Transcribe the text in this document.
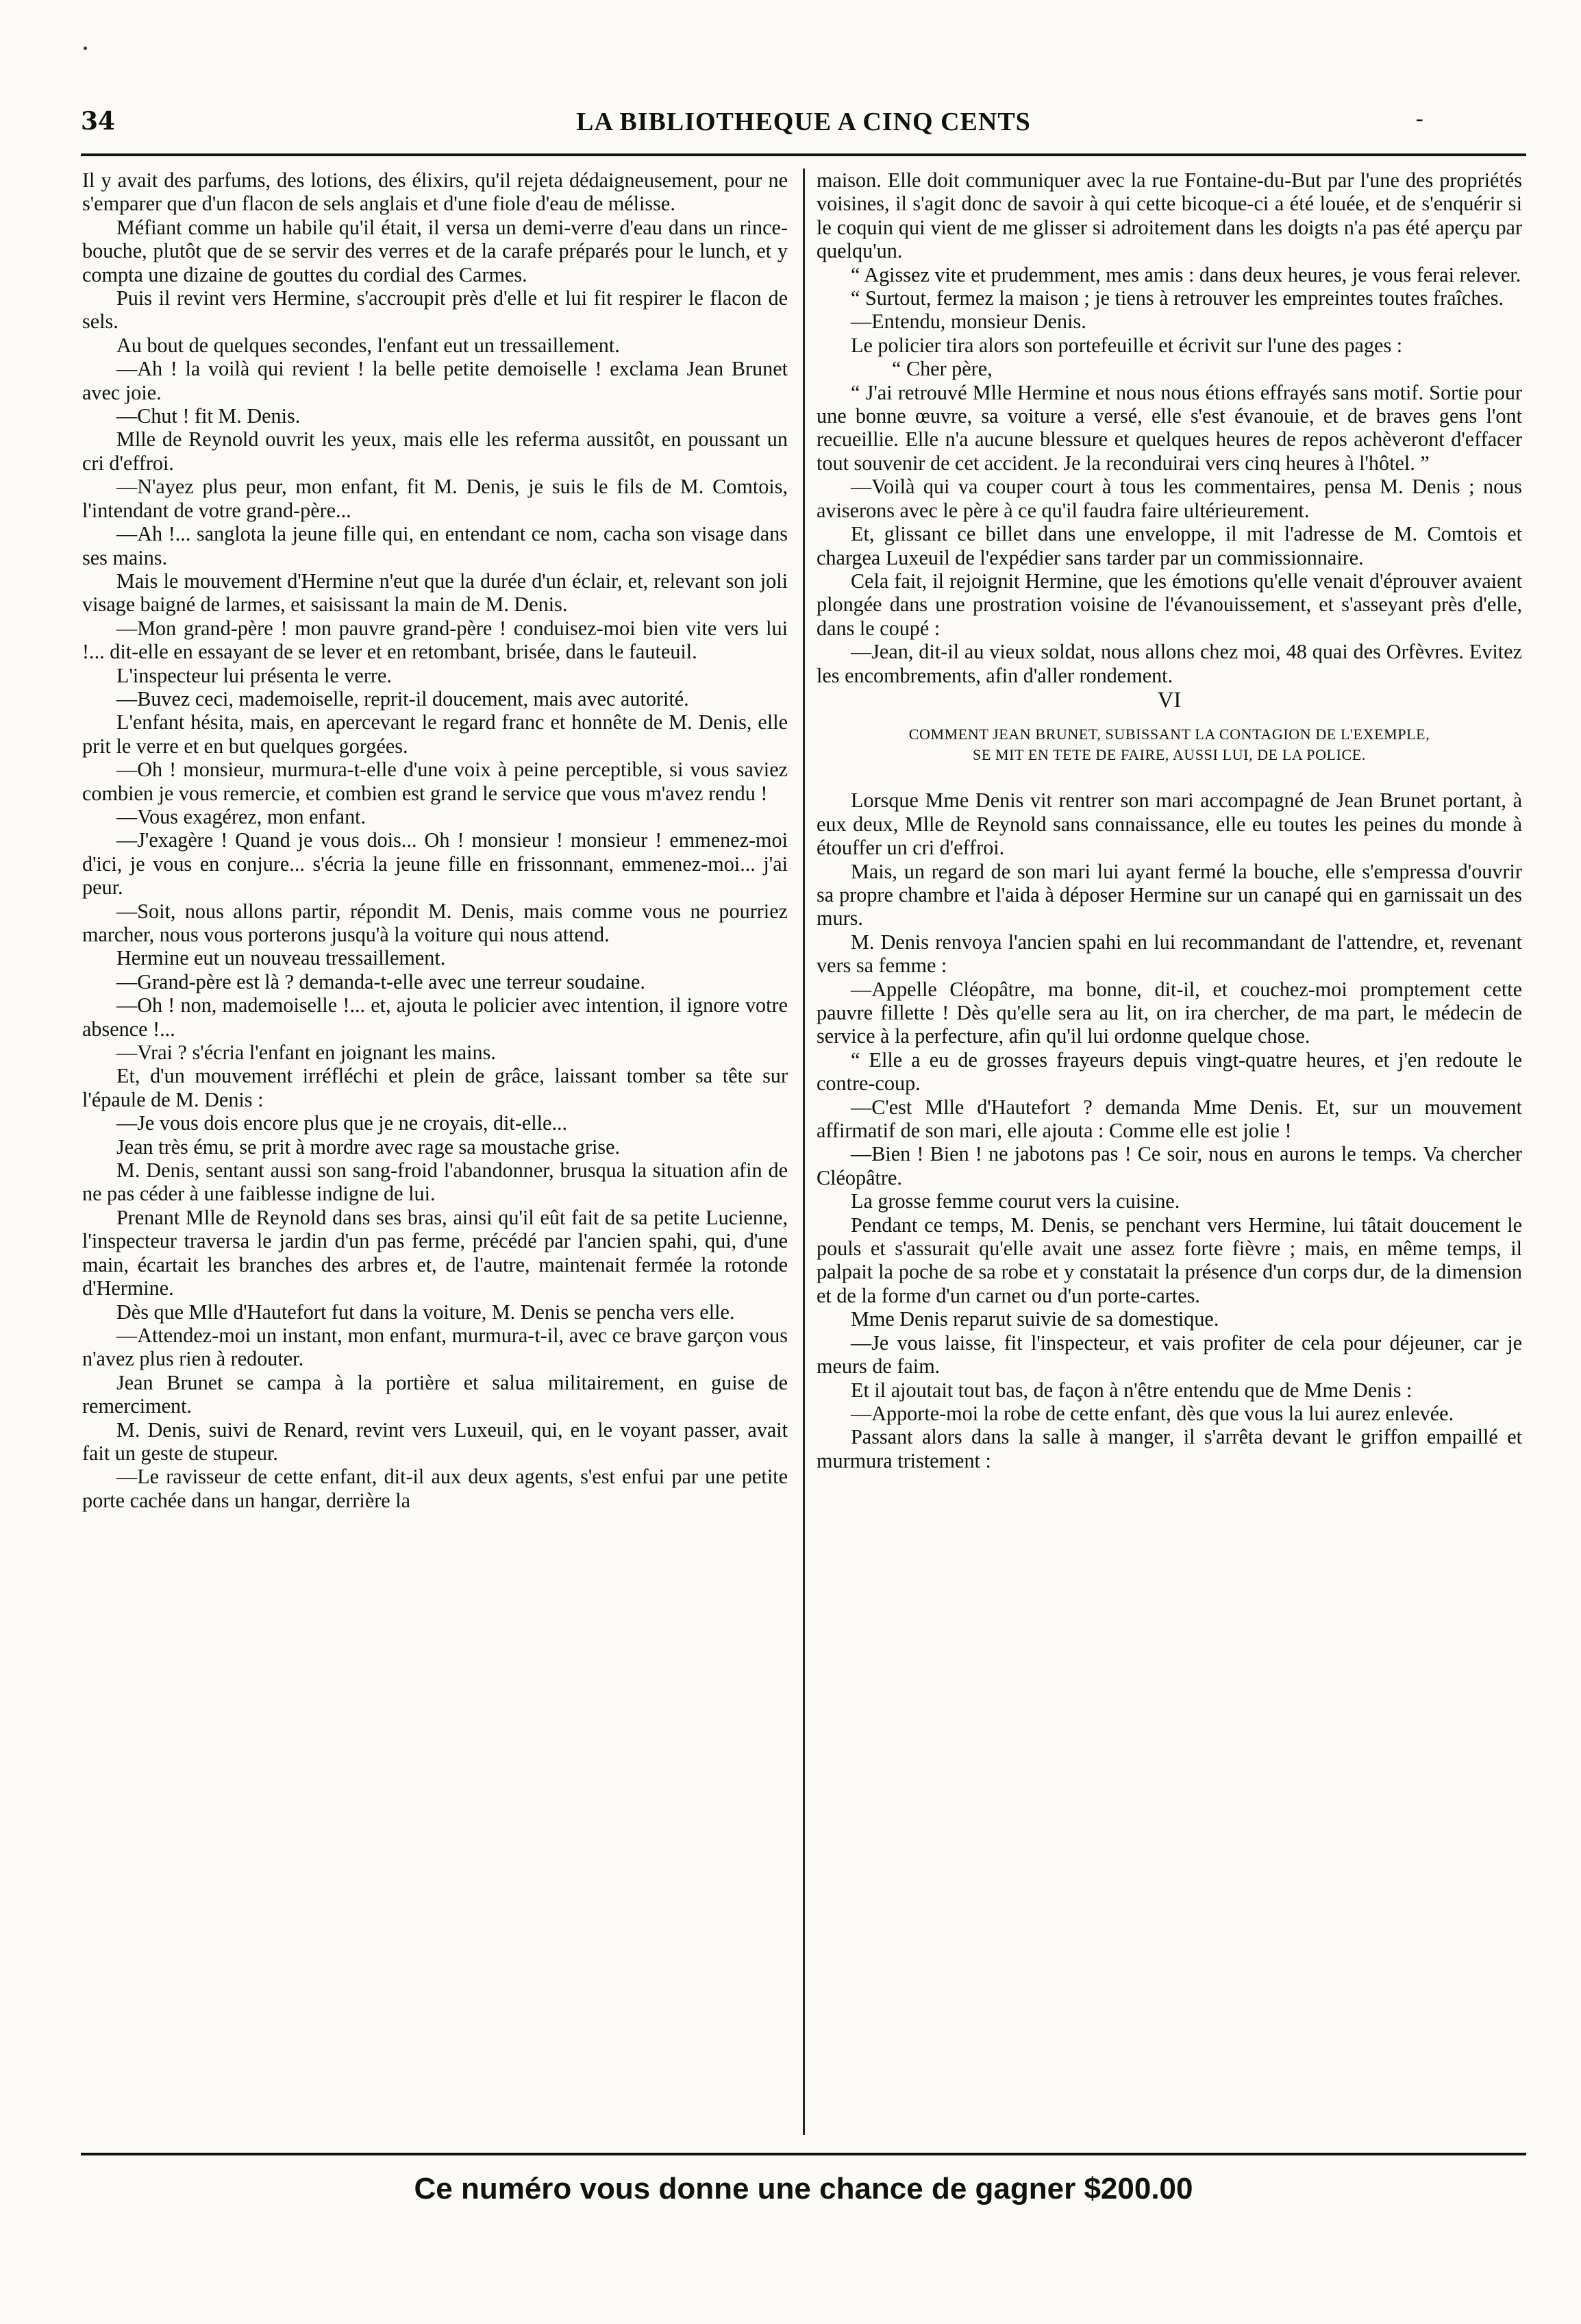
34	LA BIBLIOTHEQUE A CINQ CENTS	-

Il y avait des parfums, des lotions, des élixirs, qu'il rejeta dédaigneusement, pour ne s'emparer que d'un flacon de sels anglais et d'une fiole d'eau de mélisse.

Méfiant comme un habile qu'il était, il versa un demi-verre d'eau dans un rince-bouche, plutôt que de se servir des verres et de la carafe préparés pour le lunch, et y compta une dizaine de gouttes du cordial des Carmes.

Puis il revint vers Hermine, s'accroupit près d'elle et lui fit respirer le flacon de sels.

Au bout de quelques secondes, l'enfant eut un tressaillement.

—Ah ! la voilà qui revient ! la belle petite demoiselle ! exclama Jean Brunet avec joie.

—Chut ! fit M. Denis.

Mlle de Reynold ouvrit les yeux, mais elle les referma aussitôt, en poussant un cri d'effroi.

—N'ayez plus peur, mon enfant, fit M. Denis, je suis le fils de M. Comtois, l'intendant de votre grand-père...

—Ah !... sanglota la jeune fille qui, en entendant ce nom, cacha son visage dans ses mains.

Mais le mouvement d'Hermine n'eut que la durée d'un éclair, et, relevant son joli visage baigné de larmes, et saisissant la main de M. Denis.

—Mon grand-père ! mon pauvre grand-père ! conduisez-moi bien vite vers lui !... dit-elle en essayant de se lever et en retombant, brisée, dans le fauteuil.

L'inspecteur lui présenta le verre.

—Buvez ceci, mademoiselle, reprit-il doucement, mais avec autorité.

L'enfant hésita, mais, en apercevant le regard franc et honnête de M. Denis, elle prit le verre et en but quelques gorgées.

—Oh ! monsieur, murmura-t-elle d'une voix à peine perceptible, si vous saviez combien je vous remercie, et combien est grand le service que vous m'avez rendu !

—Vous exagérez, mon enfant.

—J'exagère ! Quand je vous dois... Oh ! monsieur ! monsieur ! emmenez-moi d'ici, je vous en conjure... s'écria la jeune fille en frissonnant, emmenez-moi... j'ai peur.

—Soit, nous allons partir, répondit M. Denis, mais comme vous ne pourriez marcher, nous vous porterons jusqu'à la voiture qui nous attend.

Hermine eut un nouveau tressaillement.

—Grand-père est là ? demanda-t-elle avec une terreur soudaine.

—Oh ! non, mademoiselle !... et, ajouta le policier avec intention, il ignore votre absence !...

—Vrai ? s'écria l'enfant en joignant les mains.

Et, d'un mouvement irréfléchi et plein de grâce, laissant tomber sa tête sur l'épaule de M. Denis :

—Je vous dois encore plus que je ne croyais, dit-elle...

Jean très ému, se prit à mordre avec rage sa moustache grise.

M. Denis, sentant aussi son sang-froid l'abandonner, brusqua la situation afin de ne pas céder à une faiblesse indigne de lui.

Prenant Mlle de Reynold dans ses bras, ainsi qu'il eût fait de sa petite Lucienne, l'inspecteur traversa le jardin d'un pas ferme, précédé par l'ancien spahi, qui, d'une main, écartait les branches des arbres et, de l'autre, maintenait fermée la rotonde d'Hermine.

Dès que Mlle d'Hautefort fut dans la voiture, M. Denis se pencha vers elle.

—Attendez-moi un instant, mon enfant, murmura-t-il, avec ce brave garçon vous n'avez plus rien à redouter.

Jean Brunet se campa à la portière et salua militairement, en guise de remerciment.

M. Denis, suivi de Renard, revint vers Luxeuil, qui, en le voyant passer, avait fait un geste de stupeur.

—Le ravisseur de cette enfant, dit-il aux deux agents, s'est enfui par une petite porte cachée dans un hangar, derrière la

maison. Elle doit communiquer avec la rue Fontaine-du-But par l'une des propriétés voisines, il s'agit donc de savoir à qui cette bicoque-ci a été louée, et de s'enquérir si le coquin qui vient de me glisser si adroitement dans les doigts n'a pas été aperçu par quelqu'un.

“ Agissez vite et prudemment, mes amis : dans deux heures, je vous ferai relever.

“ Surtout, fermez la maison ; je tiens à retrouver les empreintes toutes fraîches.

—Entendu, monsieur Denis.

Le policier tira alors son portefeuille et écrivit sur l'une des pages :

“ Cher père,

“ J'ai retrouvé Mlle Hermine et nous nous étions effrayés sans motif. Sortie pour une bonne œuvre, sa voiture a versé, elle s'est évanouie, et de braves gens l'ont recueillie. Elle n'a aucune blessure et quelques heures de repos achèveront d'effacer tout souvenir de cet accident. Je la reconduirai vers cinq heures à l'hôtel. ”

—Voilà qui va couper court à tous les commentaires, pensa M. Denis ; nous aviserons avec le père à ce qu'il faudra faire ultérieurement.

Et, glissant ce billet dans une enveloppe, il mit l'adresse de M. Comtois et chargea Luxeuil de l'expédier sans tarder par un commissionnaire.

Cela fait, il rejoignit Hermine, que les émotions qu'elle venait d'éprouver avaient plongée dans une prostration voisine de l'évanouissement, et s'asseyant près d'elle, dans le coupé :

—Jean, dit-il au vieux soldat, nous allons chez moi, 48 quai des Orfèvres. Evitez les encombrements, afin d'aller rondement.

VI

COMMENT JEAN BRUNET, SUBISSANT LA CONTAGION DE L'EXEMPLE,
SE MIT EN TETE DE FAIRE, AUSSI LUI, DE LA POLICE.

Lorsque Mme Denis vit rentrer son mari accompagné de Jean Brunet portant, à eux deux, Mlle de Reynold sans connaissance, elle eu toutes les peines du monde à étouffer un cri d'effroi.

Mais, un regard de son mari lui ayant fermé la bouche, elle s'empressa d'ouvrir sa propre chambre et l'aida à déposer Hermine sur un canapé qui en garnissait un des murs.

M. Denis renvoya l'ancien spahi en lui recommandant de l'attendre, et, revenant vers sa femme :

—Appelle Cléopâtre, ma bonne, dit-il, et couchez-moi promptement cette pauvre fillette ! Dès qu'elle sera au lit, on ira chercher, de ma part, le médecin de service à la perfecture, afin qu'il lui ordonne quelque chose.

“ Elle a eu de grosses frayeurs depuis vingt-quatre heures, et j'en redoute le contre-coup.

—C'est Mlle d'Hautefort ? demanda Mme Denis. Et, sur un mouvement affirmatif de son mari, elle ajouta : Comme elle est jolie !

—Bien ! Bien ! ne jabotons pas ! Ce soir, nous en aurons le temps. Va chercher Cléopâtre.

La grosse femme courut vers la cuisine.

Pendant ce temps, M. Denis, se penchant vers Hermine, lui tâtait doucement le pouls et s'assurait qu'elle avait une assez forte fièvre ; mais, en même temps, il palpait la poche de sa robe et y constatait la présence d'un corps dur, de la dimension et de la forme d'un carnet ou d'un porte-cartes.

Mme Denis reparut suivie de sa domestique.

—Je vous laisse, fit l'inspecteur, et vais profiter de cela pour déjeuner, car je meurs de faim.

Et il ajoutait tout bas, de façon à n'être entendu que de Mme Denis :

—Apporte-moi la robe de cette enfant, dès que vous la lui aurez enlevée.

Passant alors dans la salle à manger, il s'arrêta devant le griffon empaillé et murmura tristement :

Ce numéro vous donne une chance de gagner $200.00
